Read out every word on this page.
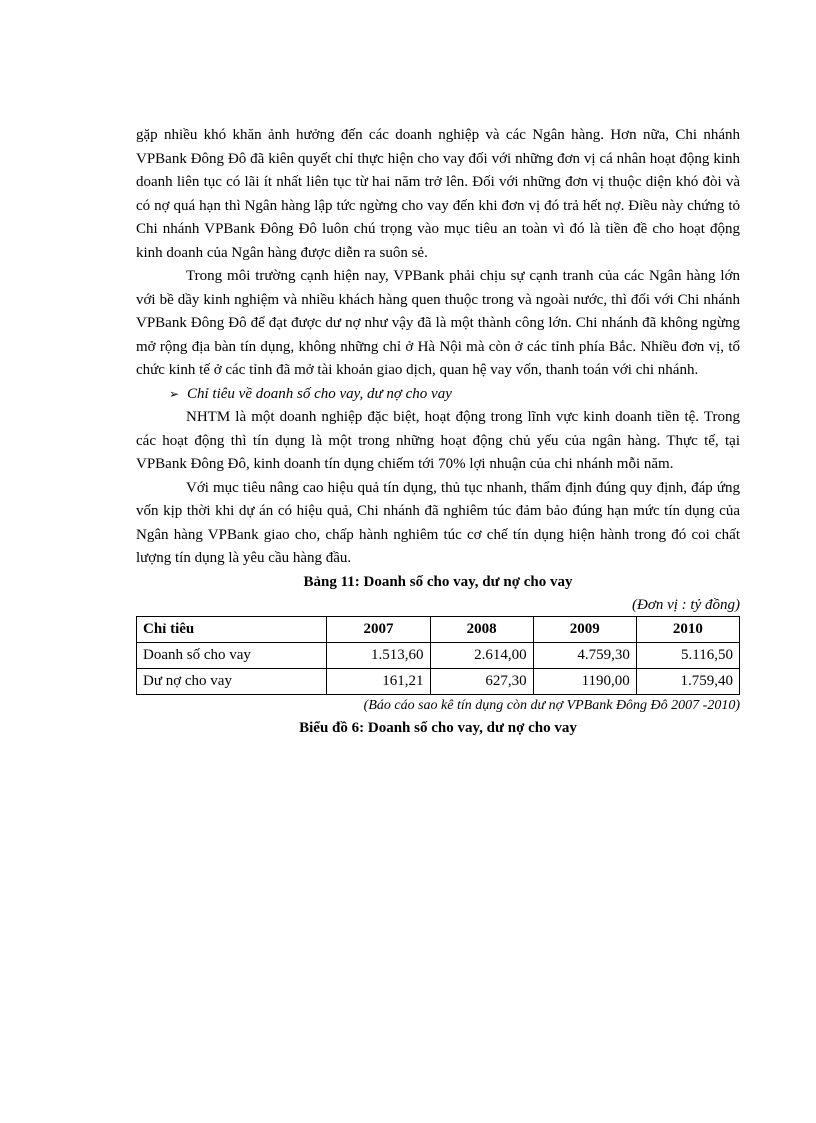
gặp nhiều khó khăn ảnh hưởng đến các doanh nghiệp và các Ngân hàng. Hơn nữa, Chi nhánh VPBank Đông Đô đã kiên quyết chỉ thực hiện cho vay đối với những đơn vị cá nhân hoạt động kinh doanh liên tục có lãi ít nhất liên tục từ hai năm trở lên. Đối với những đơn vị thuộc diện khó đòi và có nợ quá hạn thì Ngân hàng lập tức ngừng cho vay đến khi đơn vị đó trả hết nợ. Điều này chứng tỏ Chi nhánh VPBank Đông Đô luôn chú trọng vào mục tiêu an toàn vì đó là tiền đề cho hoạt động kinh doanh của Ngân hàng được diễn ra suôn sẻ.

Trong môi trường cạnh hiện nay, VPBank phải chịu sự cạnh tranh của các Ngân hàng lớn với bề dầy kinh nghiệm và nhiều khách hàng quen thuộc trong và ngoài nước, thì đối với Chi nhánh VPBank Đông Đô để đạt được dư nợ như vậy đã là một thành công lớn. Chi nhánh đã không ngừng mở rộng địa bàn tín dụng, không những chỉ ở Hà Nội mà còn ở các tỉnh phía Bắc. Nhiều đơn vị, tổ chức kinh tế ở các tỉnh đã mở tài khoản giao dịch, quan hệ vay vốn, thanh toán với chi nhánh.

➢ Chỉ tiêu về doanh số cho vay, dư nợ cho vay

NHTM là một doanh nghiệp đặc biệt, hoạt động trong lĩnh vực kinh doanh tiền tệ. Trong các hoạt động thì tín dụng là một trong những hoạt động chủ yếu của ngân hàng. Thực tế, tại VPBank Đông Đô, kinh doanh tín dụng chiếm tới 70% lợi nhuận của chi nhánh mỗi năm.

Với mục tiêu nâng cao hiệu quả tín dụng, thủ tục nhanh, thẩm định đúng quy định, đáp ứng vốn kịp thời khi dự án có hiệu quả, Chi nhánh đã nghiêm túc đảm bảo đúng hạn mức tín dụng của Ngân hàng VPBank giao cho, chấp hành nghiêm túc cơ chế tín dụng hiện hành trong đó coi chất lượng tín dụng là yêu cầu hàng đầu.

Bảng 11: Doanh số cho vay, dư nợ cho vay

(Đơn vị : tỷ đồng)

Chỉ tiêu	2007	2008	2009	2010
Doanh số cho vay	1.513,60	2.614,00	4.759,30	5.116,50
Dư nợ cho vay	161,21	627,30	1190,00	1.759,40

(Báo cáo sao kê tín dụng còn dư nợ VPBank Đông Đô 2007 -2010)

Biểu đồ 6: Doanh số cho vay, dư nợ cho vay
